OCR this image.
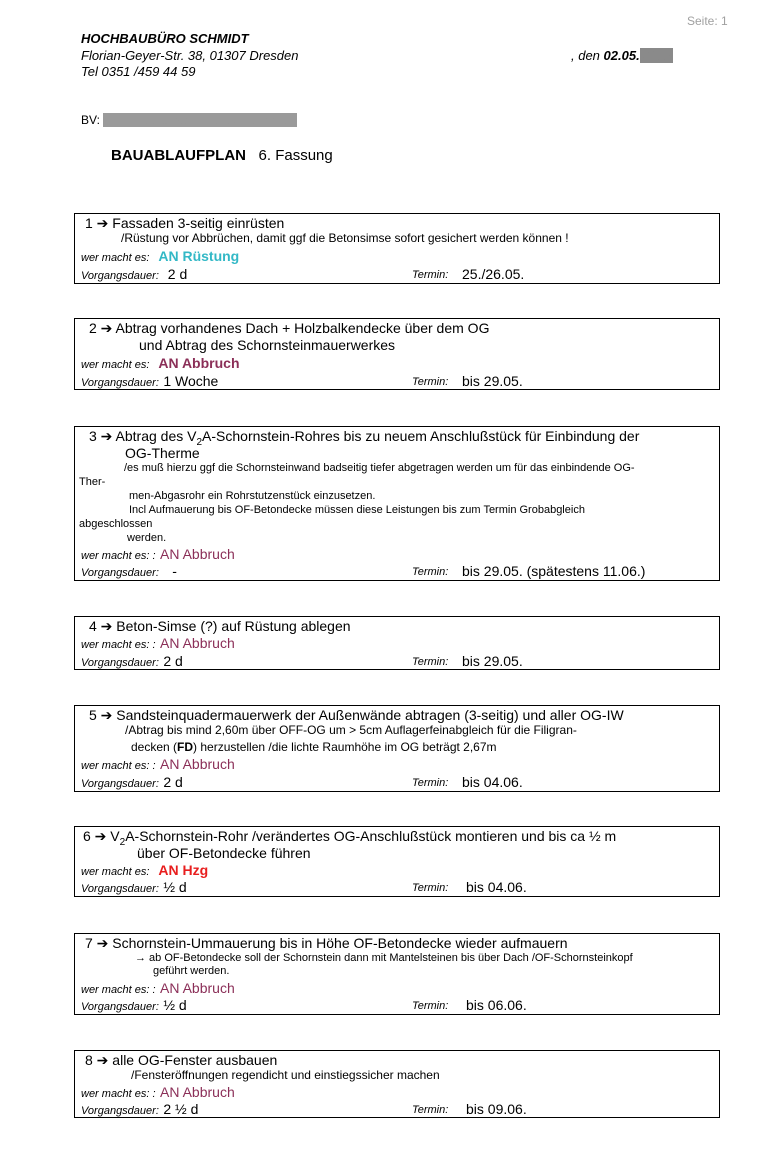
Seite: 1
HOCHBAUBÜRO SCHMIDT
Florian-Geyer-Str. 38, 01307 Dresden
Tel 0351 /459 44 59
, den 02.05. 2008
BV: DHH Auenstraße 2, 01097 Dresden
BAUABLAUFPLAN 6. Fassung
1 ➔ Fassaden 3-seitig einrüsten
/Rüstung vor Abbrüchen, damit ggf die Betonsimse sofort gesichert werden können !
wer macht es: AN Rüstung
Vorgangsdauer: 2 d	Termin: 25./26.05.
2 ➔ Abtrag vorhandenes Dach + Holzbalkendecke über dem OG
und Abtrag des Schornsteinmauerwerkes
wer macht es: AN Abbruch
Vorgangsdauer: 1 Woche	Termin: bis 29.05.
3 ➔ Abtrag des $V_2A-Schornstein$-Rohres bis zu neuem Anschlußstück für Einbindung der
OG-Therme
/es muß hierzu ggf die Schornsteinwand badseitig tiefer abgetragen werden um für das einbindende OG-
Ther-
men-Abgasrohr ein Rohrstutzenstück einzusetzen.
Incl Aufmauerung bis OF-Betondecke müssen diese Leistungen bis zum Termin Grobabgleich
abgeschlossen
werden.
wer macht es: : AN Abbruch
Vorgangsdauer: -	Termin: bis 29.05. (spätestens 11.06.)
4 ➔ Beton-Simse (?) auf Rüstung ablegen
wer macht es: : AN Abbruch
Vorgangsdauer: 2 d	Termin: bis 29.05.
5 ➔ Sandsteinquadermauerwerk der Außenwände abtragen (3-seitig) und aller OG-IW
/Abtrag bis mind 2,60m über OFF-OG um > 5cm Auflagerfeinabgleich für die Filigran-
decken (FD) herzustellen /die lichte Raumhöhe im OG beträgt 2,67m
wer macht es: : AN Abbruch
Vorgangsdauer: 2 d	Termin: bis 04.06.
6 ➔ $V_2A-Schornstein$-Rohr /verändertes OG-Anschlußstück montieren und bis ca ½ m
über OF-Betondecke führen
wer macht es: AN Hzg
Vorgangsdauer: ½ d	Termin: bis 04.06.
7 ➔ Schornstein-Ummauerung bis in Höhe OF-Betondecke wieder aufmauern
→ ab OF-Betondecke soll der Schornstein dann mit Mantelsteinen bis über Dach /OF-Schornsteinkopf
geführt werden.
wer macht es: : AN Abbruch
Vorgangsdauer: ½ d	Termin: bis 06.06.
8 ➔ alle OG-Fenster ausbauen
/Fensteröffnungen regendicht und einstiegssicher machen
wer macht es: : AN Abbruch
Vorgangsdauer: 2 ½ d	Termin: bis 09.06.
